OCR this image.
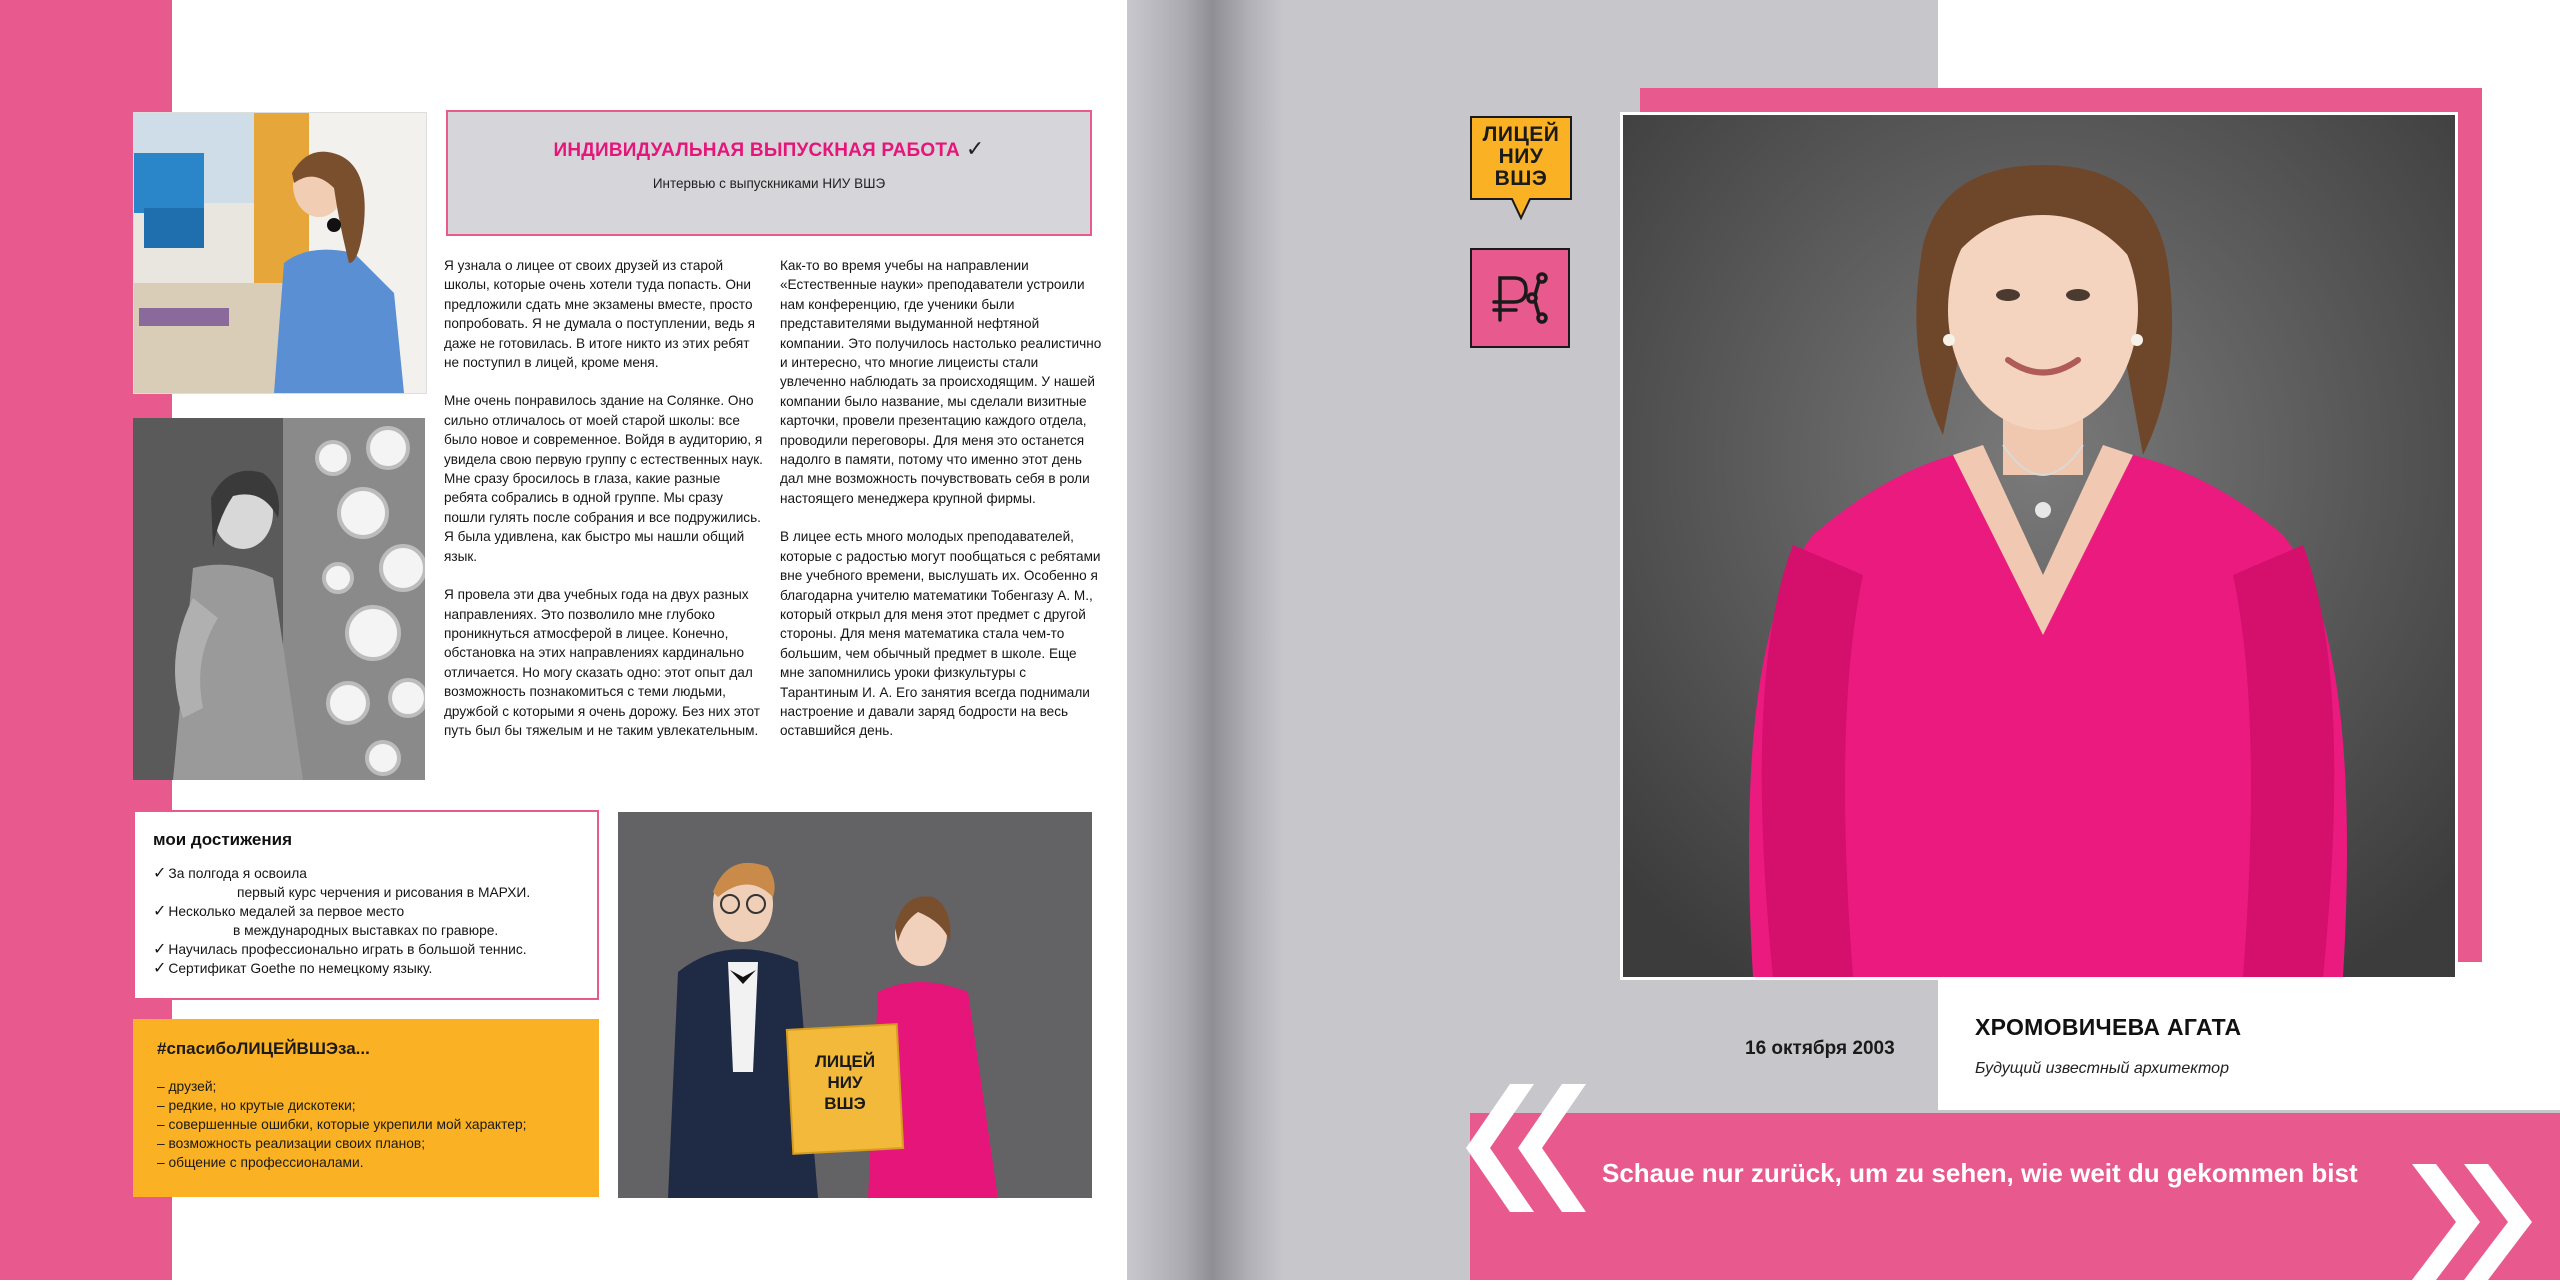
ИНДИВИДУАЛЬНАЯ ВЫПУСКНАЯ РАБОТА ✓
Интервью с выпускниками НИУ ВШЭ

Я узнала о лицее от своих друзей из старой школы, которые очень хотели туда попасть. Они предложили сдать мне экзамены вместе, просто попробовать. Я не думала о поступлении, ведь я даже не готовилась. В итоге никто из этих ребят не поступил в лицей, кроме меня.

Мне очень понравилось здание на Солянке. Оно сильно отличалось от моей старой школы: все было новое и современное. Войдя в аудиторию, я увидела свою первую группу с естественных наук. Мне сразу бросилось в глаза, какие разные ребята собрались в одной группе. Мы сразу пошли гулять после собрания и все подружились. Я была удивлена, как быстро мы нашли общий язык.

Я провела эти два учебных года на двух разных направлениях. Это позволило мне глубоко проникнуться атмосферой в лицее. Конечно, обстановка на этих направлениях кардинально отличается. Но могу сказать одно: этот опыт дал возможность познакомиться с теми людьми, дружбой с которыми я очень дорожу. Без них этот путь был бы тяжелым и не таким увлекательным.

Как-то во время учебы на направлении «Естественные науки» преподаватели устроили нам конференцию, где ученики были представителями выдуманной нефтяной компании. Это получилось настолько реалистично и интересно, что многие лицеисты стали увлеченно наблюдать за происходящим. У нашей компании было название, мы сделали визитные карточки, провели презентацию каждого отдела, проводили переговоры. Для меня это останется надолго в памяти, потому что именно этот день дал мне возможность почувствовать себя в роли настоящего менеджера крупной фирмы.

В лицее есть много молодых преподавателей, которые с радостью могут пообщаться с ребятами вне учебного времени, выслушать их. Особенно я благодарна учителю математики Тобенгазу А. М., который открыл для меня этот предмет с другой стороны. Для меня математика стала чем-то большим, чем обычный предмет в школе. Еще мне запомнились уроки физкультуры с Тарантиным И. А. Его занятия всегда поднимали настроение и давали заряд бодрости на весь оставшийся день.

мои достижения
✓ За полгода я освоила
первый курс черчения и рисования в МАРХИ.
✓ Несколько медалей за первое место
в международных выставках по гравюре.
✓ Научилась профессионально играть в большой теннис.
✓ Сертификат Goethe по немецкому языку.
#спасибоЛИЦЕЙВШЭза...
– друзей;
– редкие, но крутые дискотеки;
– совершенные ошибки, которые укрепили мой характер;
– возможность реализации своих планов;
– общение с профессионалами.
ЛИЦЕЙ
НИУ
ВШЭ
ЛИЦЕЙ
НИУ
ВШЭ
16 октября 2003
ХРОМОВИЧЕВА АГАТА
Будущий известный архитектор
Schaue nur zurück, um zu sehen, wie weit du gekommen bist
